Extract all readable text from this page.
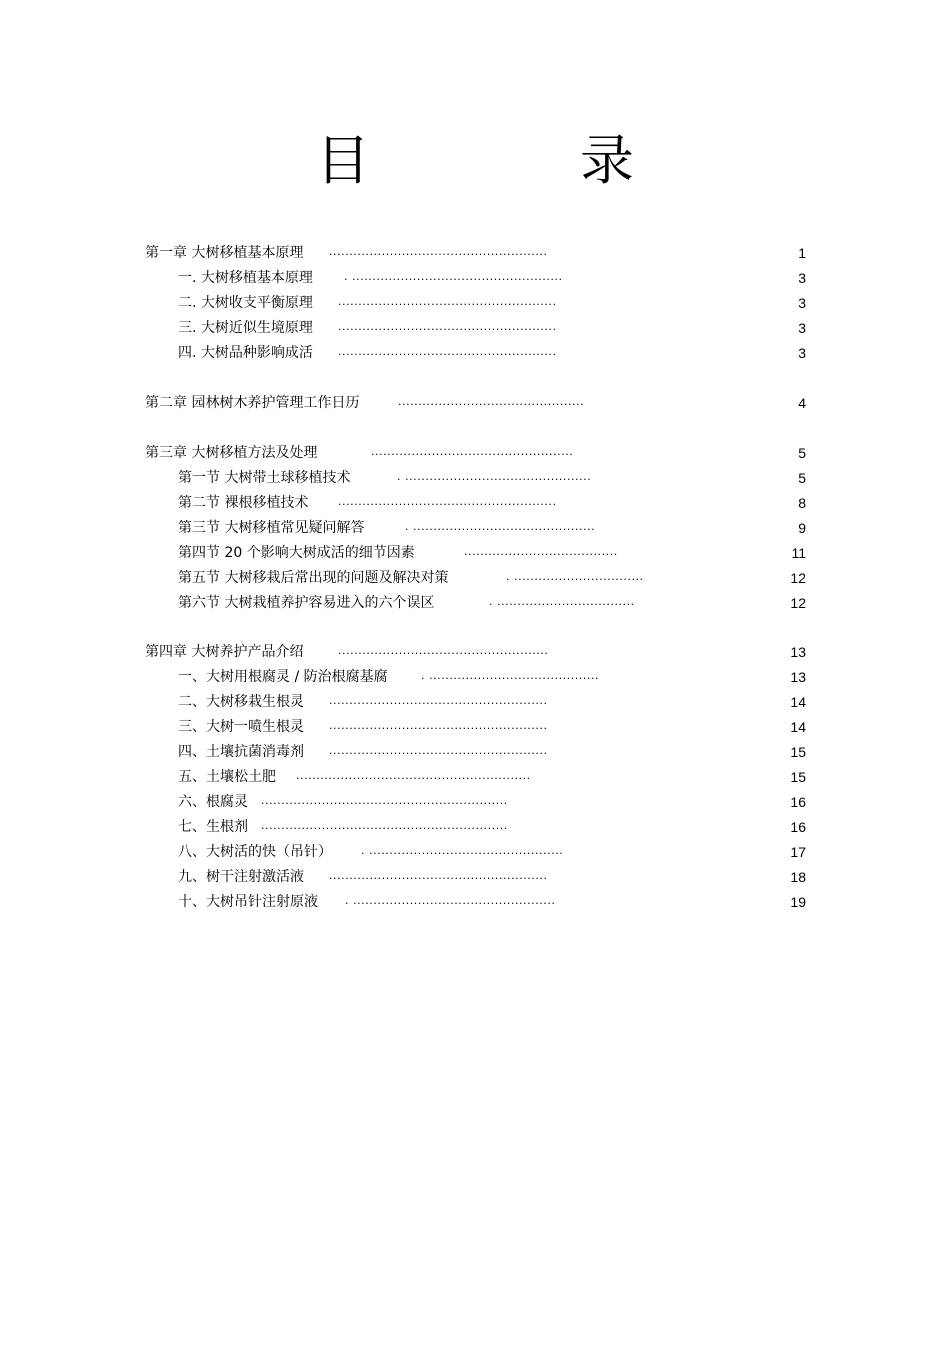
目　录
第一章 大树移植基本原理 ......................................................	1
一. 大树移植基本原理	. ....................................................	3
二. 大树收支平衡原理 ......................................................	3
三. 大树近似生境原理 ......................................................	3
四. 大树品种影响成活 ......................................................	3
第二章 园林树木养护管理工作日历	..............................................	4
第三章 大树移植方法及处理	..................................................	5
第一节 大树带土球移植技术	. ..............................................	5
第二节 裸根移植技术	......................................................	8
第三节 大树移植常见疑问解答	. .............................................	9
第四节 20 个影响大树成活的细节因素	......................................	11
第五节 大树移栽后常出现的问题及解决对策	. ................................	12
第六节 大树栽植养护容易进入的六个误区	. ..................................	12
第四章 大树养护产品介绍	....................................................	13
一、大树用根腐灵 / 防治根腐基腐	. ..........................................	13
二、大树移栽生根灵 ......................................................	14
三、大树一喷生根灵 ......................................................	14
四、土壤抗菌消毒剂 ......................................................	15
五、土壤松土肥 ..........................................................	15
六、根腐灵 .............................................................	16
七、生根剂 .............................................................	16
八、大树活的快（吊针）	. ................................................	17
九、树干注射激活液 ......................................................	18
十、大树吊针注射原液 . ..................................................	19
